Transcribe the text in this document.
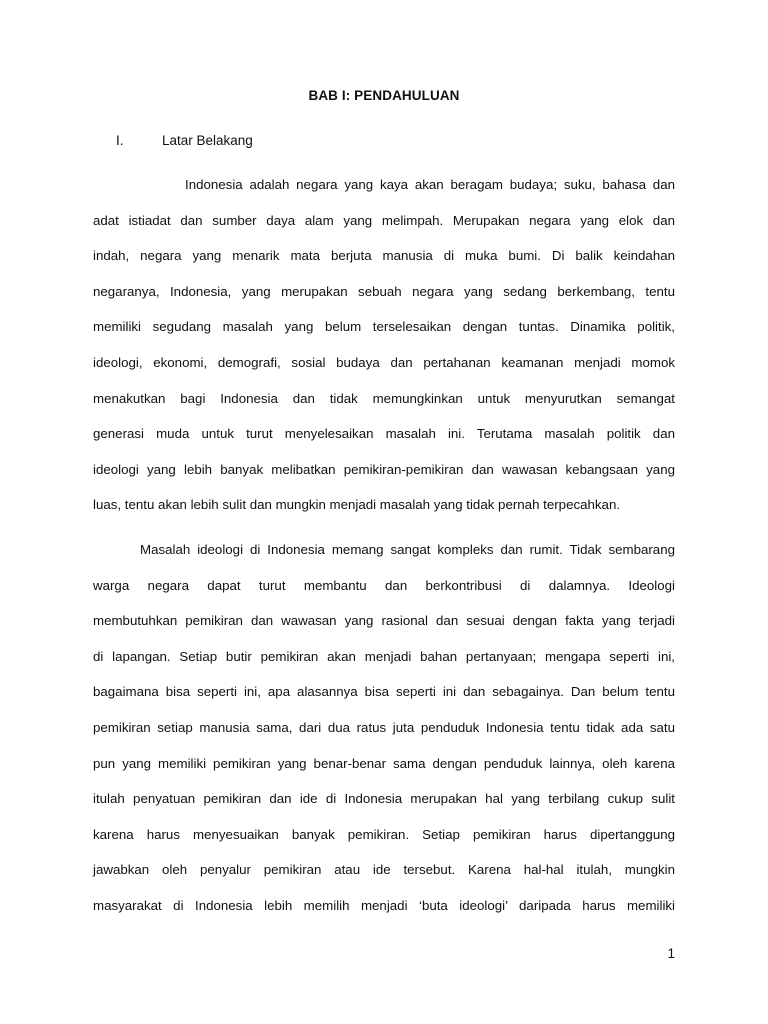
BAB I: PENDAHULUAN
I.	Latar Belakang
Indonesia adalah negara yang kaya akan beragam budaya; suku, bahasa dan
adat istiadat dan sumber daya alam yang melimpah. Merupakan negara yang elok dan
indah, negara yang menarik mata berjuta manusia di muka bumi. Di balik keindahan
negaranya, Indonesia, yang merupakan sebuah negara yang sedang berkembang, tentu
memiliki segudang masalah yang belum terselesaikan dengan tuntas. Dinamika politik,
ideologi, ekonomi, demografi, sosial budaya dan pertahanan keamanan menjadi momok
menakutkan bagi Indonesia dan tidak memungkinkan untuk menyurutkan semangat
generasi muda untuk turut menyelesaikan masalah ini. Terutama masalah politik dan
ideologi yang lebih banyak melibatkan pemikiran-pemikiran dan wawasan kebangsaan yang
luas, tentu akan lebih sulit dan mungkin menjadi masalah yang tidak pernah terpecahkan.
Masalah ideologi di Indonesia memang sangat kompleks dan rumit. Tidak sembarang
warga negara dapat turut membantu dan berkontribusi di dalamnya. Ideologi
membutuhkan pemikiran dan wawasan yang rasional dan sesuai dengan fakta yang terjadi
di lapangan. Setiap butir pemikiran akan menjadi bahan pertanyaan; mengapa seperti ini,
bagaimana bisa seperti ini, apa alasannya bisa seperti ini dan sebagainya. Dan belum tentu
pemikiran setiap manusia sama, dari dua ratus juta penduduk Indonesia tentu tidak ada satu
pun yang memiliki pemikiran yang benar-benar sama dengan penduduk lainnya, oleh karena
itulah penyatuan pemikiran dan ide di Indonesia merupakan hal yang terbilang cukup sulit
karena harus menyesuaikan banyak pemikiran. Setiap pemikiran harus dipertanggung
jawabkan oleh penyalur pemikiran atau ide tersebut. Karena hal-hal itulah, mungkin
masyarakat di Indonesia lebih memilih menjadi ‘buta ideologi’ daripada harus memiliki
1
